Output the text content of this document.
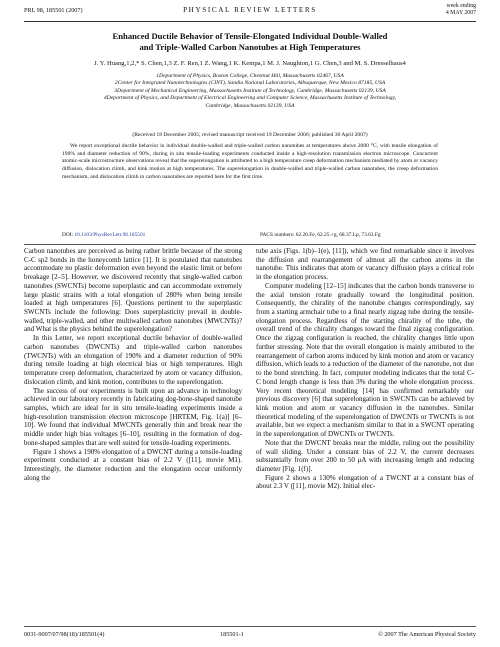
PRL 98, 185501 (2007)	PHYSICAL REVIEW LETTERS	week ending
4 MAY 2007
Enhanced Ductile Behavior of Tensile-Elongated Individual Double-Walled
and Triple-Walled Carbon Nanotubes at High Temperatures
J. Y. Huang,1,2,* S. Chen,1,3 Z. F. Ren,1 Z. Wang,1 K. Kempa,1 M. J. Naughton,1 G. Chen,3 and M. S. Dresselhaus4
1Department of Physics, Boston College, Chestnut Hill, Massachusetts 02467, USA
2Center for Integrated Nanotechnologies (CINT), Sandia National Laboratories, Albuquerque, New Mexico 87185, USA
3Department of Mechanical Engineering, Massachusetts Institute of Technology, Cambridge, Massachusetts 02139, USA
4Department of Physics, and Department of Electrical Engineering and Computer Science, Massachusetts Institute of Technology,
Cambridge, Massachusetts 02139, USA
(Received 18 December 2005; revised manuscript received 19 December 2006; published 30 April 2007)
We report exceptional ductile behavior in individual double-walled and triple-walled carbon nanotubes at temperatures above 2000 °C, with tensile elongation of 190% and diameter reduction of 90%, during in situ tensile-loading experiments conducted inside a high-resolution transmission electron microscope. Concurrent atomic-scale microstructure observations reveal that the superelongation is attributed to a high temperature creep deformation mechanism mediated by atom or vacancy diffusion, dislocation climb, and kink motion at high temperatures. The superelongation in double-walled and triple-walled carbon nanotubes, the creep deformation mechanism, and dislocation climb in carbon nanotubes are reported here for the first time.
DOI: 10.1103/PhysRevLett.98.185501	PACS numbers: 62.20.Fe, 62.25.+g, 68.37.Lp, 73.63.Fg

Carbon nanotubes are perceived as being rather brittle because of the strong C-C sp2 bonds in the honeycomb lattice [1]. It is postulated that nanotubes accommodate no plastic deformation even beyond the elastic limit or before breakage [2–5]. However, we discovered recently that single-walled carbon nanotubes (SWCNTs) become superplastic and can accommodate extremely large plastic strains with a total elongation of 280% when being tensile loaded at high temperatures [6]. Questions pertinent to the superplastic SWCNTs include the following: Does superplasticity prevail in double-walled, triple-walled, and other multiwalled carbon nanotubes (MWCNTs)? and What is the physics behind the superelongation?

In this Letter, we report exceptional ductile behavior of double-walled carbon nanotubes (DWCNTs) and triple-walled carbon nanotubes (TWCNTs) with an elongation of 190% and a diameter reduction of 90% during tensile loading at high electrical bias or high temperatures. High temperature creep deformation, characterized by atom or vacancy diffusion, dislocation climb, and kink motion, contributes to the superelongation.

The success of our experiments is built upon an advance in technology achieved in our laboratory recently in fabricating dog-bone-shaped nanotube samples, which are ideal for in situ tensile-loading experiments inside a high-resolution transmission electron microscope [HRTEM, Fig. 1(a)] [6–10]. We found that individual MWCNTs generally thin and break near the middle under high bias voltages [6–10], resulting in the formation of dog-bone-shaped samples that are well suited for tensile-loading experiments.

Figure 1 shows a 190% elongation of a DWCNT during a tensile-loading experiment conducted at a constant bias of 2.2 V ([11], movie M1). Interestingly, the diameter reduction and the elongation occur uniformly along the

tube axis (Figs. 1(b)–1(e), [11]), which we find remarkable since it involves the diffusion and rearrangement of almost all the carbon atoms in the nanotube. This indicates that atom or vacancy diffusion plays a critical role in the elongation process.

Computer modeling [12–15] indicates that the carbon bonds transverse to the axial tension rotate gradually toward the longitudinal position. Consequently, the chirality of the nanotube changes correspondingly, say from a starting armchair tube to a final nearly zigzag tube during the tensile-elongation process. Regardless of the starting chirality of the tube, the overall trend of the chirality changes toward the final zigzag configuration. Once the zigzag configuration is reached, the chirality changes little upon further stressing. Note that the overall elongation is mainly attributed to the rearrangement of carbon atoms induced by kink motion and atom or vacancy diffusion, which leads to a reduction of the diameter of the nanotube, not due to the bond stretching. In fact, computer modeling indicates that the total C-C bond length change is less than 3% during the whole elongation process. Very recent theoretical modeling [14] has confirmed remarkably our previous discovery [6] that superelongation in SWCNTs can be achieved by kink motion and atom or vacancy diffusion in the nanotubes. Similar theoretical modeling of the superelongation of DWCNTs or TWCNTs is not available, but we expect a mechanism similar to that in a SWCNT operating in the superelongation of DWCNTs or TWCNTs.

Note that the DWCNT breaks near the middle, ruling out the possibility of wall sliding. Under a constant bias of 2.2 V, the current decreases substantially from over 200 to 50 μA with increasing length and reducing diameter [Fig. 1(f)].

Figure 2 shows a 130% elongation of a TWCNT at a constant bias of about 2.3 V ([11], movie M2). Initial elec-

0031-9007/07/98(18)/185501(4)	185501-1	© 2007 The American Physical Society
